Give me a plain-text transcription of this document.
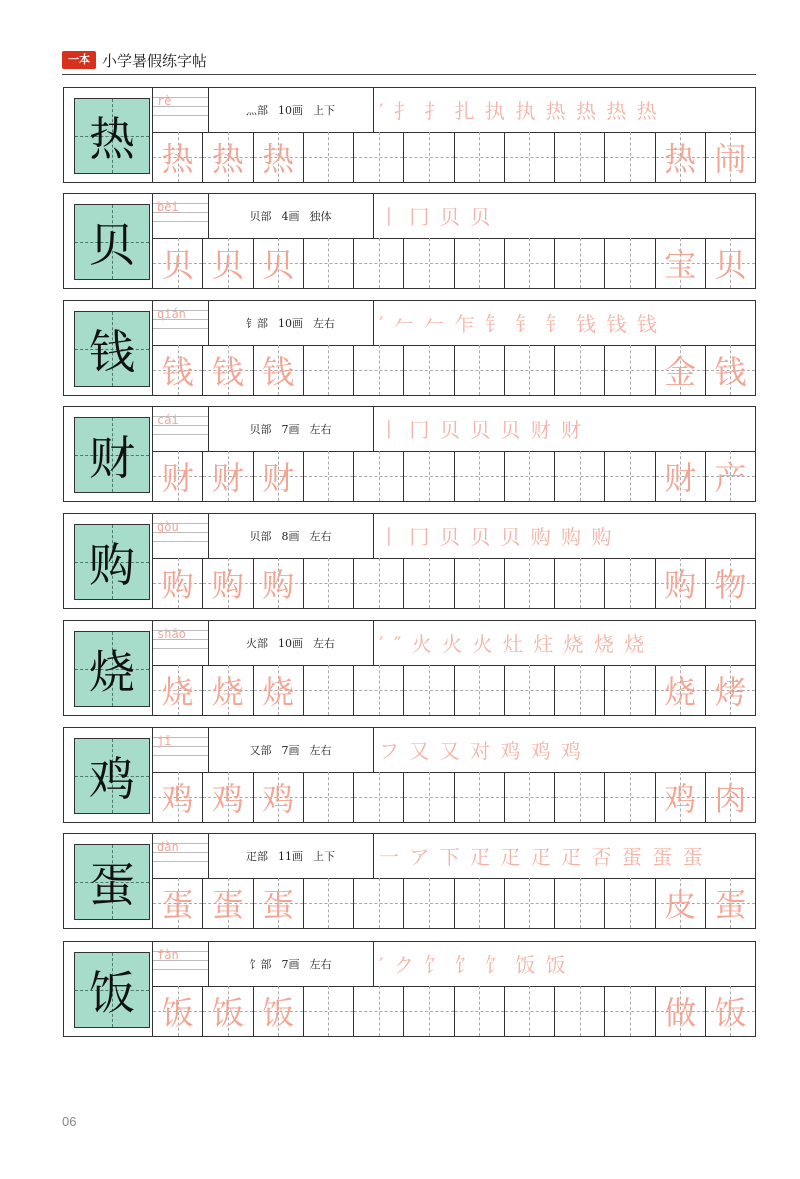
一本 小学暑假练字帖
热
rè
灬部 10画 上下 ′ 扌 扌 扎 执 执 热 热 热 热
热 热 热	热 闹
贝
bèi
贝部 4画 独体 丨 冂 贝 贝
贝 贝 贝	宝 贝
钱
qián
钅部 10画 左右 ′ 𠂉 𠂉 乍 钅 钅 钅 钱 钱 钱
钱 钱 钱	金 钱
财
cái
贝部 7画 左右 丨 冂 贝 贝 贝 财 财
财 财 财	财 产
购
gòu
贝部 8画 左右 丨 冂 贝 贝 贝 购 购 购
购 购 购	购 物
烧
shāo
火部 10画 左右 ′ ″ 火 火 火 灶 炷 烧 烧 烧
烧 烧 烧	烧 烤
鸡
jī
又部 7画 左右 フ 又 又 对 鸡 鸡 鸡
鸡 鸡 鸡	鸡 肉
蛋
dàn
疋部 11画 上下 一 ア 下 疋 疋 疋 疋 否 蛋 蛋 蛋
蛋 蛋 蛋	皮 蛋
饭
fàn
饣部 7画 左右 ′ ク 饣 饣 饣 饭 饭
饭 饭 饭	做 饭
06
